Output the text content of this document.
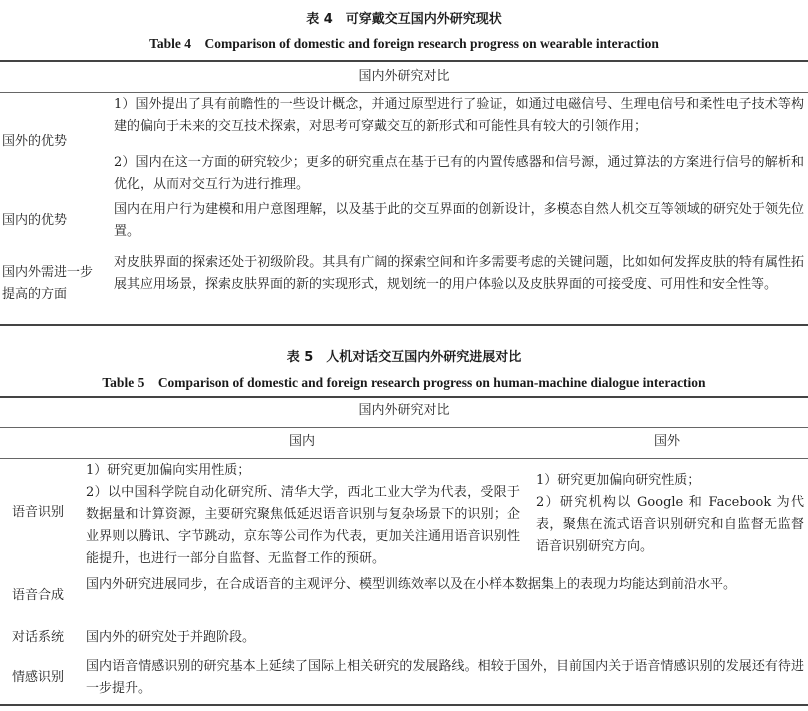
表 4　可穿戴交互国内外研究现状
Table 4　Comparison of domestic and foreign research progress on wearable interaction
国内外研究对比
国外的优势
1）国外提出了具有前瞻性的一些设计概念，并通过原型进行了验证，如通过电磁信号、生理电信号和柔性电子技术等构建的偏向于未来的交互技术探索，对思考可穿戴交互的新形式和可能性具有较大的引领作用；
2）国内在这一方面的研究较少；更多的研究重点在基于已有的内置传感器和信号源，通过算法的方案进行信号的解析和优化，从而对交互行为进行推理。
国内的优势
国内在用户行为建模和用户意图理解，以及基于此的交互界面的创新设计，多模态自然人机交互等领域的研究处于领先位置。
国内外需进一步
提高的方面
对皮肤界面的探索还处于初级阶段。其具有广阔的探索空间和许多需要考虑的关键问题，比如如何发挥皮肤的特有属性拓展其应用场景，探索皮肤界面的新的实现形式，规划统一的用户体验以及皮肤界面的可接受度、可用性和安全性等。
表 5　人机对话交互国内外研究进展对比
Table 5　Comparison of domestic and foreign research progress on human-machine dialogue interaction
国内外研究对比
国内	国外
语音识别
1）研究更加偏向实用性质；
2）以中国科学院自动化研究所、清华大学，西北工业大学为代表，受限于数据量和计算资源，主要研究聚焦低延迟语音识别与复杂场景下的识别；企业界则以腾讯、字节跳动，京东等公司作为代表，更加关注通用语音识别性能提升，也进行一部分自监督、无监督工作的预研。
1）研究更加偏向研究性质；
2）研究机构以 Google 和 Facebook 为代表，聚焦在流式语音识别研究和自监督无监督语音识别研究方向。
语音合成
国内外研究进展同步，在合成语音的主观评分、模型训练效率以及在小样本数据集上的表现力均能达到前沿水平。
对话系统 国内外的研究处于并跑阶段。
情感识别
国内语音情感识别的研究基本上延续了国际上相关研究的发展路线。相较于国外，目前国内关于语音情感识别的发展还有待进一步提升。
